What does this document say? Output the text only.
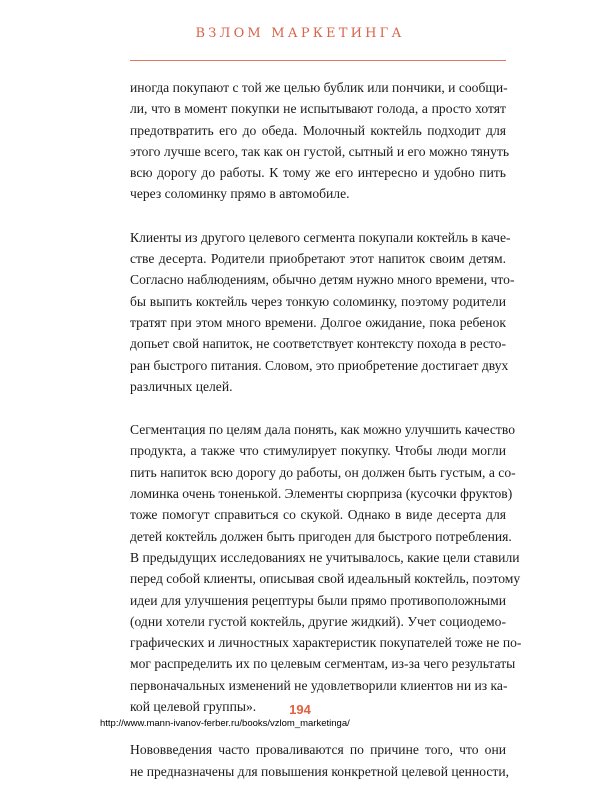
ВЗЛОМ МАРКЕТИНГА

иногда покупают с той же целью бублик или пончики, и сообщи-
ли, что в момент покупки не испытывают голода, а просто хотят
предотвратить его до обеда. Молочный коктейль подходит для
этого лучше всего, так как он густой, сытный и его можно тянуть
всю дорогу до работы. К тому же его интересно и удобно пить
через соломинку прямо в автомобиле.

Клиенты из другого целевого сегмента покупали коктейль в каче-
стве десерта. Родители приобретают этот напиток своим детям.
Согласно наблюдениям, обычно детям нужно много времени, что-
бы выпить коктейль через тонкую соломинку, поэтому родители
тратят при этом много времени. Долгое ожидание, пока ребенок
допьет свой напиток, не соответствует контексту похода в ресто-
ран быстрого питания. Словом, это приобретение достигает двух
различных целей.

Сегментация по целям дала понять, как можно улучшить качество
продукта, а также что стимулирует покупку. Чтобы люди могли
пить напиток всю дорогу до работы, он должен быть густым, а со-
ломинка очень тоненькой. Элементы сюрприза (кусочки фруктов)
тоже помогут справиться со скукой. Однако в виде десерта для
детей коктейль должен быть пригоден для быстрого потребления.
В предыдущих исследованиях не учитывалось, какие цели ставили
перед собой клиенты, описывая свой идеальный коктейль, поэтому
идеи для улучшения рецептуры были прямо противоположными
(одни хотели густой коктейль, другие жидкий). Учет социодемо-
графических и личностных характеристик покупателей тоже не по-
мог распределить их по целевым сегментам, из-за чего результаты
первоначальных изменений не удовлетворили клиентов ни из ка-
кой целевой группы».

Нововведения часто проваливаются по причине того, что они
не предназначены для повышения конкретной целевой ценности,

194
http://www.mann-ivanov-ferber.ru/books/vzlom_marketinga/
